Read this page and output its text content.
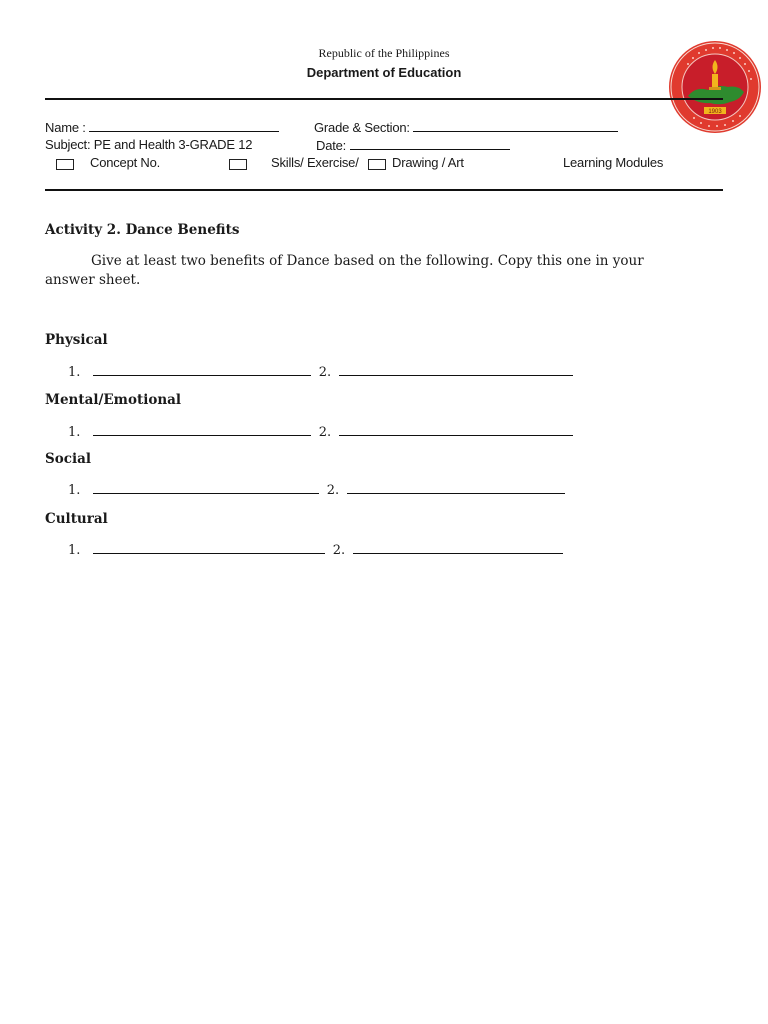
Republic of the Philippines
Department of Education
1903
Name :	Grade & Section:
Subject: PE and Health 3-GRADE 12	Date:
Concept No.	Skills/ Exercise/	Drawing / Art	Learning Modules
Activity 2. Dance Benefits
Give at least two benefits of Dance based on the following. Copy this one in your
answer sheet.
Physical
1.	2.
Mental/Emotional
1.	2.
Social
1.	2.
Cultural
1.	2.
